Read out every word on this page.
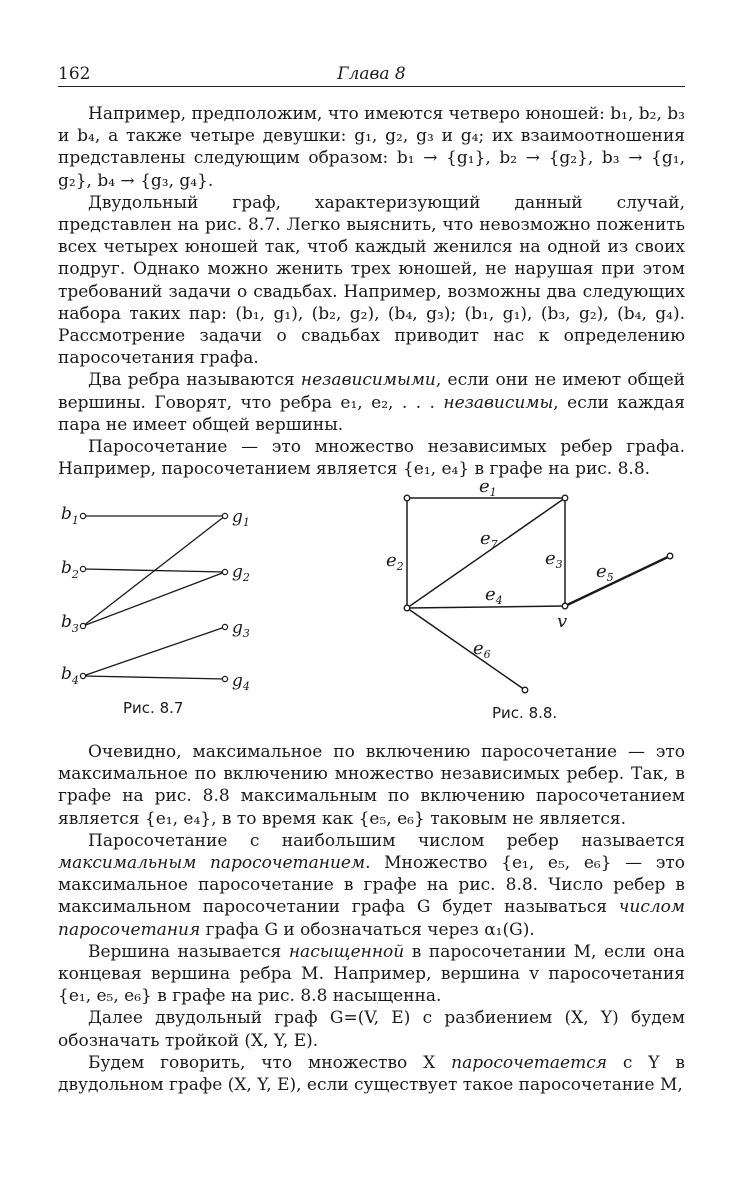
162	Глава 8

Например, предположим, что имеются четверо юношей: b₁, b₂, b₃ и b₄, а также четыре девушки: g₁, g₂, g₃ и g₄; их взаимоотношения представлены следующим образом: b₁ → {g₁}, b₂ → {g₂}, b₃ → {g₁, g₂}, b₄ → {g₃, g₄}.

Двудольный граф, характеризующий данный случай, представлен на рис. 8.7. Легко выяснить, что невозможно поженить всех четырех юношей так, чтоб каждый женился на одной из своих подруг. Однако можно женить трех юношей, не нарушая при этом требований задачи о свадьбах. Например, возможны два следующих набора таких пар: (b₁, g₁), (b₂, g₂), (b₄, g₃); (b₁, g₁), (b₃, g₂), (b₄, g₄). Рассмотрение задачи о свадьбах приводит нас к определению паросочетания графа.

Два ребра называются независимыми, если они не имеют общей вершины. Говорят, что ребра e₁, e₂, . . . независимы, если каждая пара не имеет общей вершины.

Паросочетание — это множество независимых ребер графа. Например, паросочетанием является {e₁, e₄} в графе на рис. 8.8.

$b_1$
$b_2$
$b_3$
$b_4$
$g_1$
$g_2$
$g_3$
$g_4$
Рис. 8.7
$e_1$
$e_2$	$e_3$
$e_4$
$e_5$
$e_6$
$e_7$
v
Рис. 8.8.

Очевидно, максимальное по включению паросочетание — это максимальное по включению множество независимых ребер. Так, в графе на рис. 8.8 максимальным по включению паросочетанием является {e₁, e₄}, в то время как {e₅, e₆} таковым не является.

Паросочетание с наибольшим числом ребер называется максимальным паросочетанием. Множество {e₁, e₅, e₆} — это максимальное паросочетание в графе на рис. 8.8. Число ребер в максимальном паросочетании графа G будет называться числом паросочетания графа G и обозначаться через α₁(G).

Вершина называется насыщенной в паросочетании M, если она концевая вершина ребра M. Например, вершина v паросочетания {e₁, e₅, e₆} в графе на рис. 8.8 насыщенна.

Далее двудольный граф G=(V, E) с разбиением (X, Y) будем обозначать тройкой (X, Y, E).

Будем говорить, что множество X паросочетается с Y в двудольном графе (X, Y, E), если существует такое паросочетание M,
